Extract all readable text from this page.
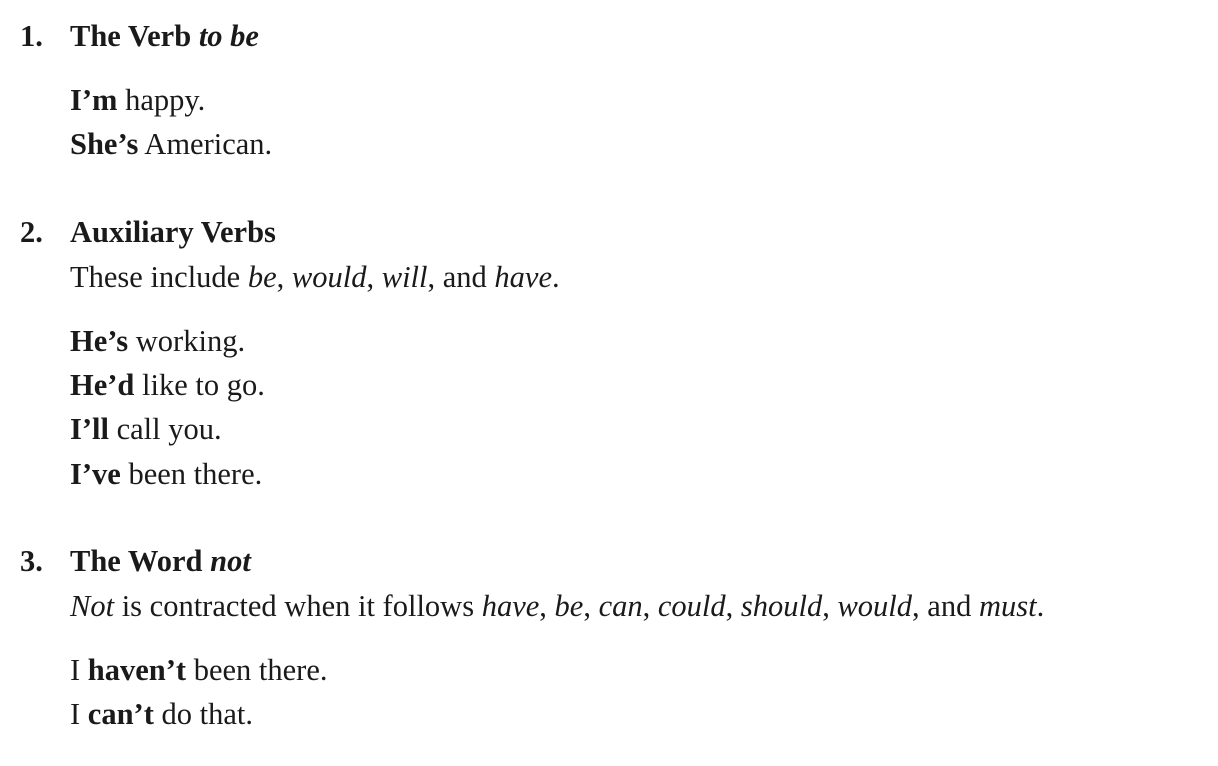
1. The Verb to be
I’m happy.
She’s American.
2. Auxiliary Verbs
These include be, would, will, and have.
He’s working.
He’d like to go.
I’ll call you.
I’ve been there.
3. The Word not
Not is contracted when it follows have, be, can, could, should, would, and must.
I haven’t been there.
I can’t do that.
